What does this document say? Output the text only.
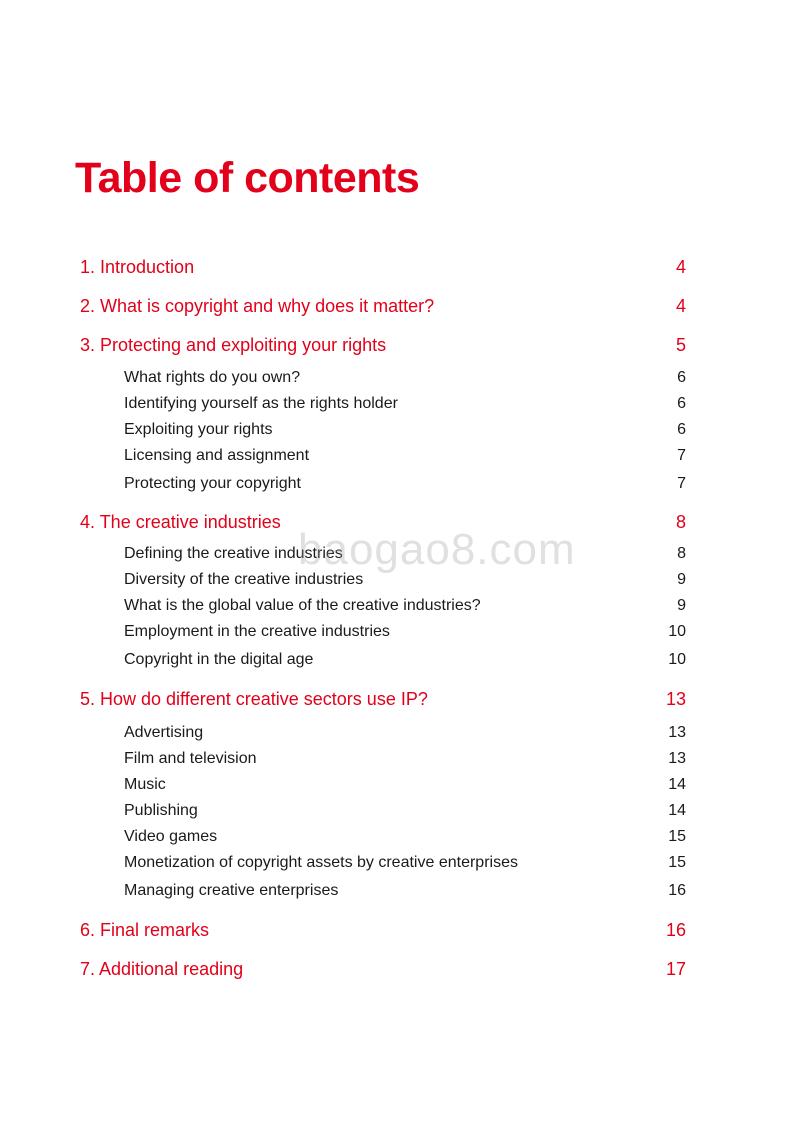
Table of contents
1. Introduction	4
2. What is copyright and why does it matter?	4
3. Protecting and exploiting your rights	5
What rights do you own?	6
Identifying yourself as the rights holder	6
Exploiting your rights	6
Licensing and assignment	7
Protecting your copyright	7
4. The creative industries	8
Defining the creative industries	8
Diversity of the creative industries	9
What is the global value of the creative industries?	9
Employment in the creative industries	10
Copyright in the digital age	10
5. How do different creative sectors use IP?	13
Advertising	13
Film and television	13
Music	14
Publishing	14
Video games	15
Monetization of copyright assets by creative enterprises	15
Managing creative enterprises	16
6. Final remarks	16
7. Additional reading	17
baogao8.com
